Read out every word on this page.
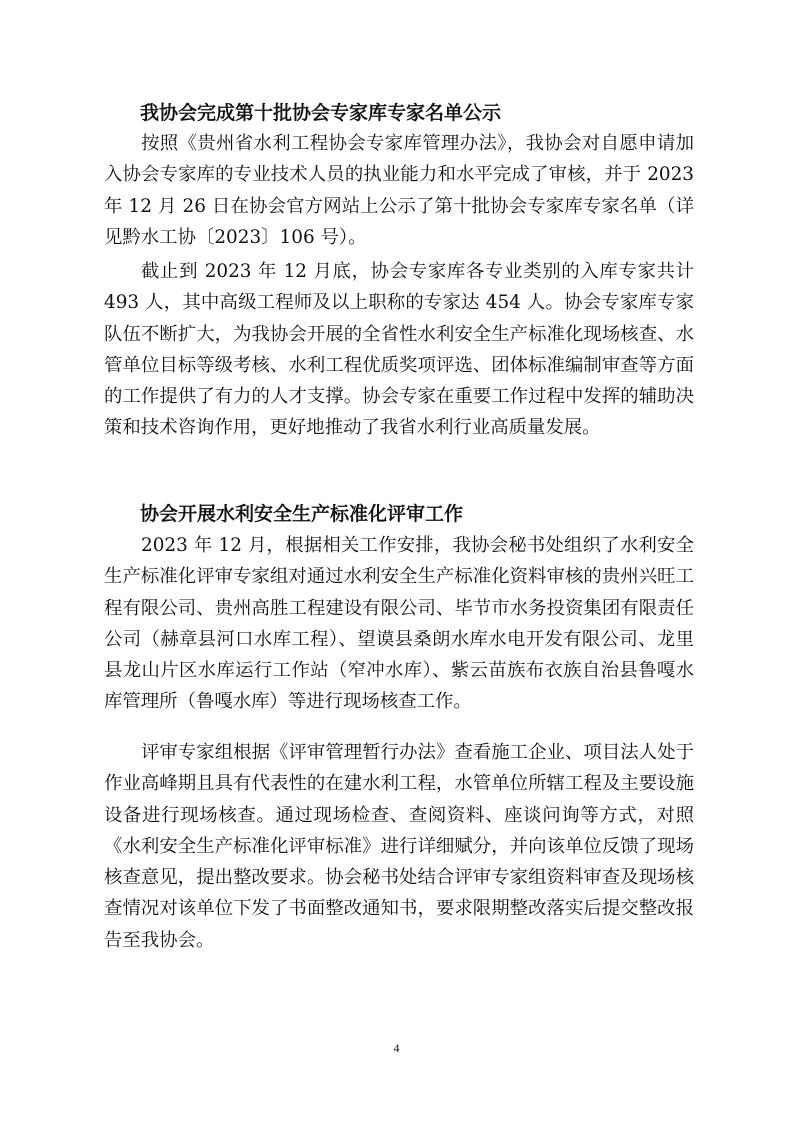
我协会完成第十批协会专家库专家名单公示
按照《贵州省水利工程协会专家库管理办法》，我协会对自愿申请加入协会专家库的专业技术人员的执业能力和水平完成了审核，并于 2023 年 12 月 26 日在协会官方网站上公示了第十批协会专家库专家名单（详见黔水工协〔2023〕106 号）。
截止到 2023 年 12 月底，协会专家库各专业类别的入库专家共计 493 人，其中高级工程师及以上职称的专家达 454 人。协会专家库专家队伍不断扩大，为我协会开展的全省性水利安全生产标准化现场核查、水管单位目标等级考核、水利工程优质奖项评选、团体标准编制审查等方面的工作提供了有力的人才支撑。协会专家在重要工作过程中发挥的辅助决策和技术咨询作用，更好地推动了我省水利行业高质量发展。
协会开展水利安全生产标准化评审工作
2023 年 12 月，根据相关工作安排，我协会秘书处组织了水利安全生产标准化评审专家组对通过水利安全生产标准化资料审核的贵州兴旺工程有限公司、贵州高胜工程建设有限公司、毕节市水务投资集团有限责任公司（赫章县河口水库工程）、望谟县桑朗水库水电开发有限公司、龙里县龙山片区水库运行工作站（窄冲水库）、紫云苗族布衣族自治县鲁嘎水库管理所（鲁嘎水库）等进行现场核查工作。
评审专家组根据《评审管理暂行办法》查看施工企业、项目法人处于作业高峰期且具有代表性的在建水利工程，水管单位所辖工程及主要设施设备进行现场核查。通过现场检查、查阅资料、座谈问询等方式，对照《水利安全生产标准化评审标准》进行详细赋分，并向该单位反馈了现场核查意见，提出整改要求。协会秘书处结合评审专家组资料审查及现场核查情况对该单位下发了书面整改通知书，要求限期整改落实后提交整改报告至我协会。
4
